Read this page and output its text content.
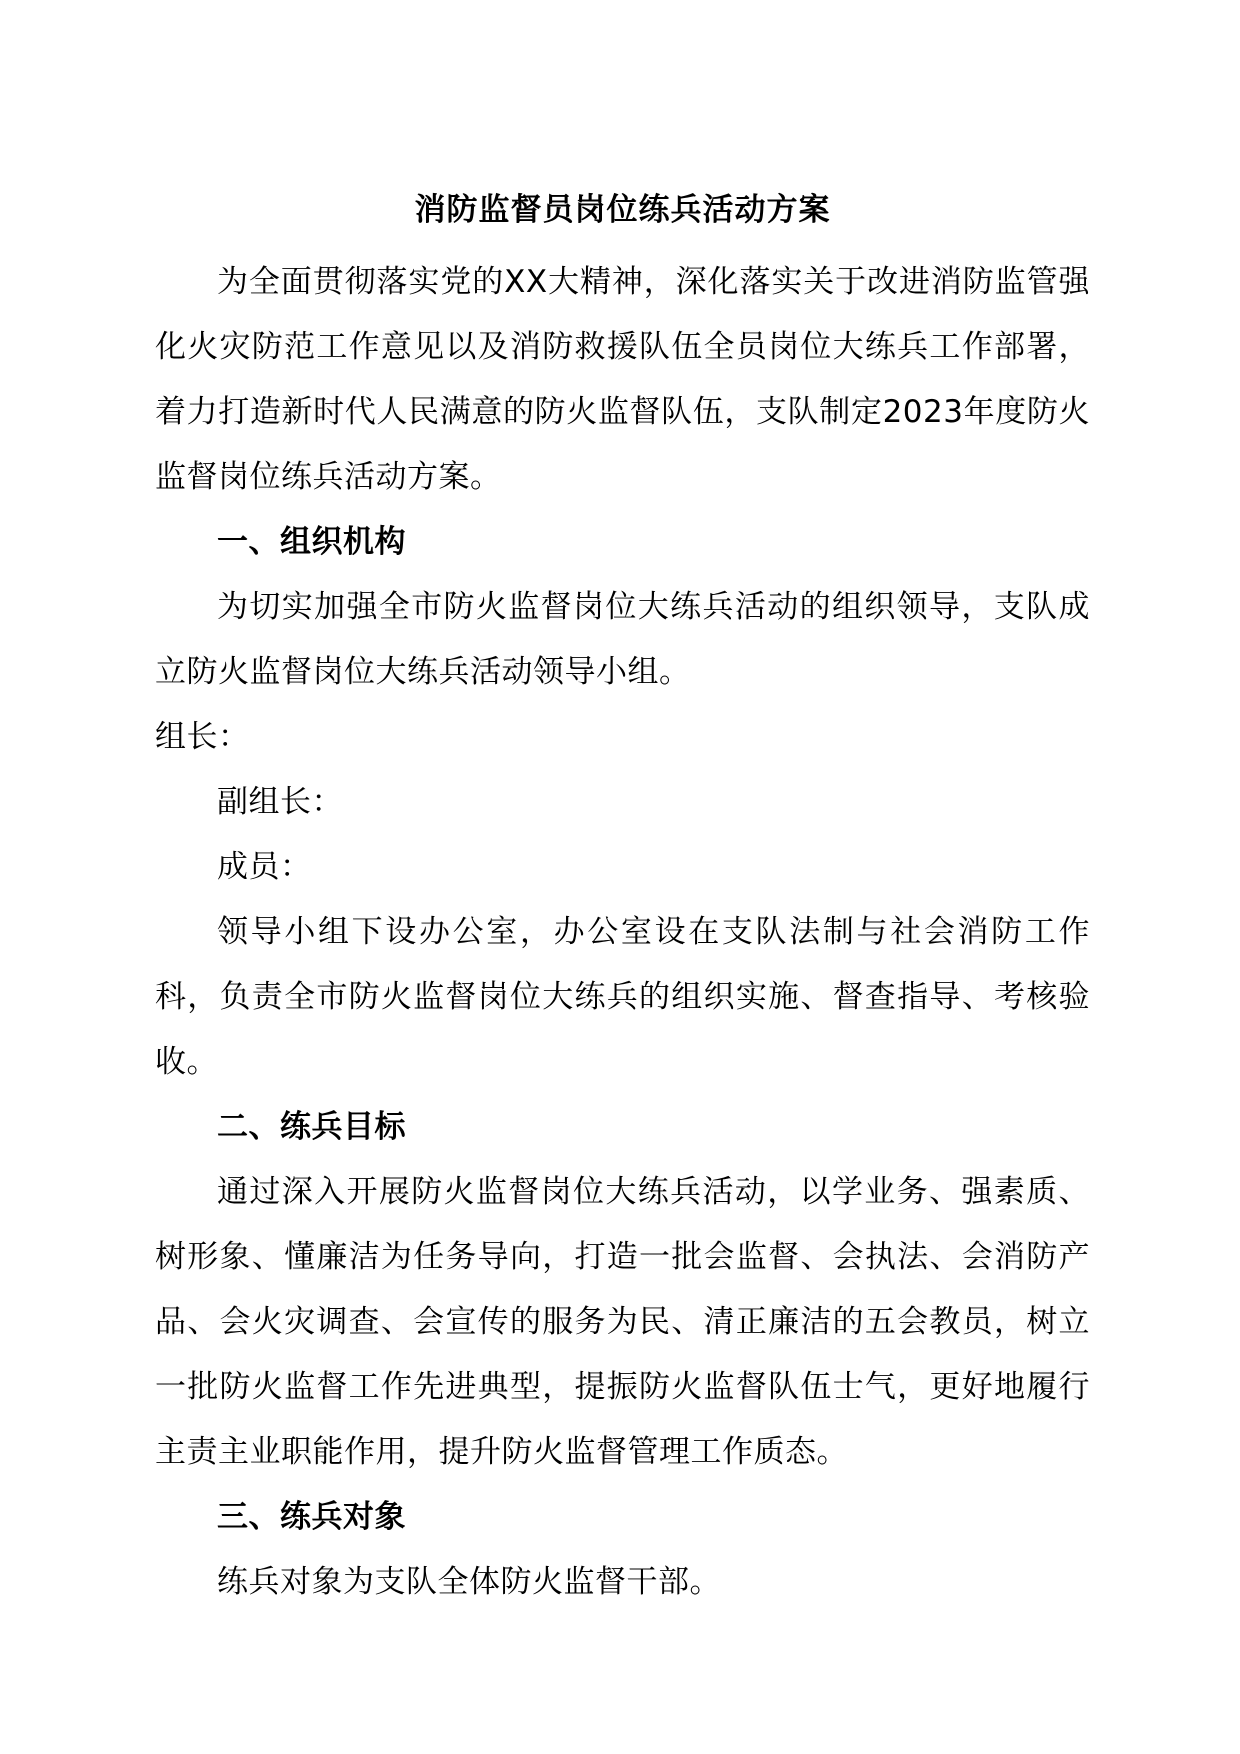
消防监督员岗位练兵活动方案

为全面贯彻落实党的XX大精神，深化落实关于改进消防监管强化火灾防范工作意见以及消防救援队伍全员岗位大练兵工作部署，着力打造新时代人民满意的防火监督队伍，支队制定2023年度防火监督岗位练兵活动方案。

一、组织机构

为切实加强全市防火监督岗位大练兵活动的组织领导，支队成立防火监督岗位大练兵活动领导小组。

组长：

副组长：

成员：

领导小组下设办公室，办公室设在支队法制与社会消防工作科，负责全市防火监督岗位大练兵的组织实施、督查指导、考核验收。

二、练兵目标

通过深入开展防火监督岗位大练兵活动，以学业务、强素质、树形象、懂廉洁为任务导向，打造一批会监督、会执法、会消防产品、会火灾调查、会宣传的服务为民、清正廉洁的五会教员，树立一批防火监督工作先进典型，提振防火监督队伍士气，更好地履行主责主业职能作用，提升防火监督管理工作质态。

三、练兵对象

练兵对象为支队全体防火监督干部。
